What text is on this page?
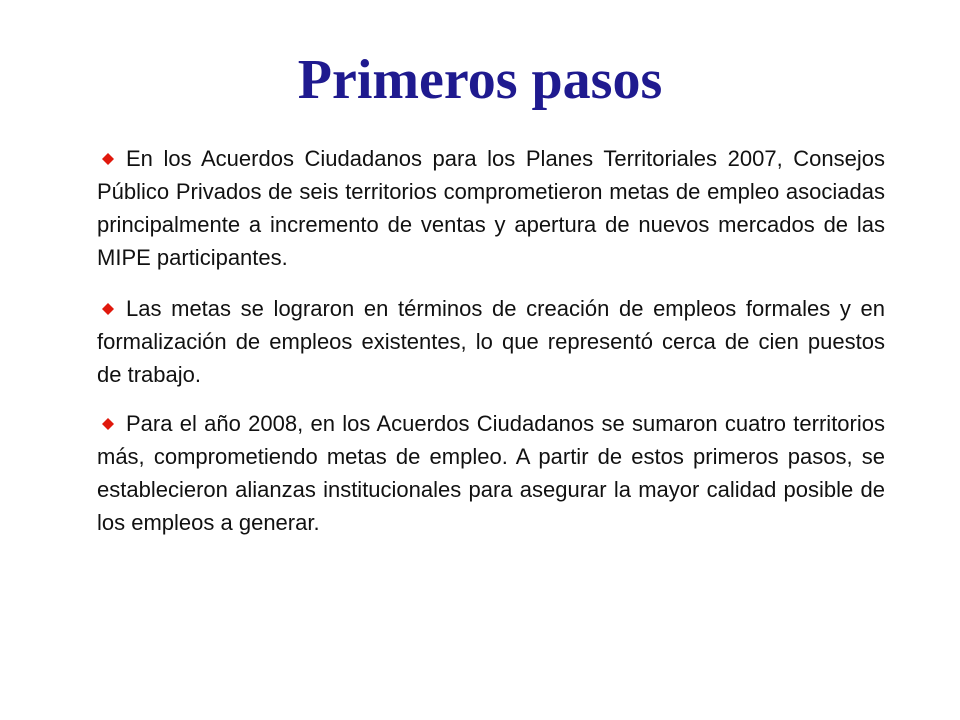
Primeros pasos

En los Acuerdos Ciudadanos para los Planes Territoriales 2007, Consejos Público Privados de seis territorios comprometieron metas de empleo asociadas principalmente a incremento de ventas y apertura de nuevos mercados de las MIPE participantes.

Las metas se lograron en términos de creación de empleos formales y en formalización de empleos existentes, lo que representó cerca de cien puestos de trabajo.

Para el año 2008, en los Acuerdos Ciudadanos se sumaron cuatro territorios más, comprometiendo metas de empleo. A partir de estos primeros pasos, se establecieron alianzas institucionales para asegurar la mayor calidad posible de los empleos a generar.
